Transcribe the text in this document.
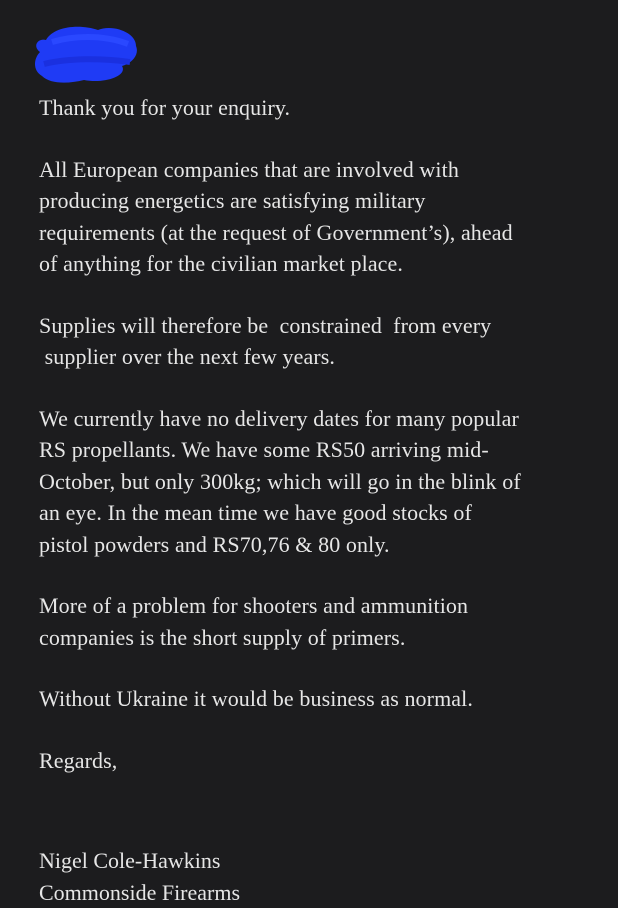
Thank you for your enquiry.

All European companies that are involved with
producing energetics are satisfying military
requirements (at the request of Government’s), ahead
of anything for the civilian market place.

Supplies will therefore be  constrained  from every
supplier over the next few years.

We currently have no delivery dates for many popular
RS propellants. We have some RS50 arriving mid-
October, but only 300kg; which will go in the blink of
an eye. In the mean time we have good stocks of
pistol powders and RS70,76 & 80 only.

More of a problem for shooters and ammunition
companies is the short supply of primers.

Without Ukraine it would be business as normal.

Regards,

Nigel Cole-Hawkins
Commonside Firearms
